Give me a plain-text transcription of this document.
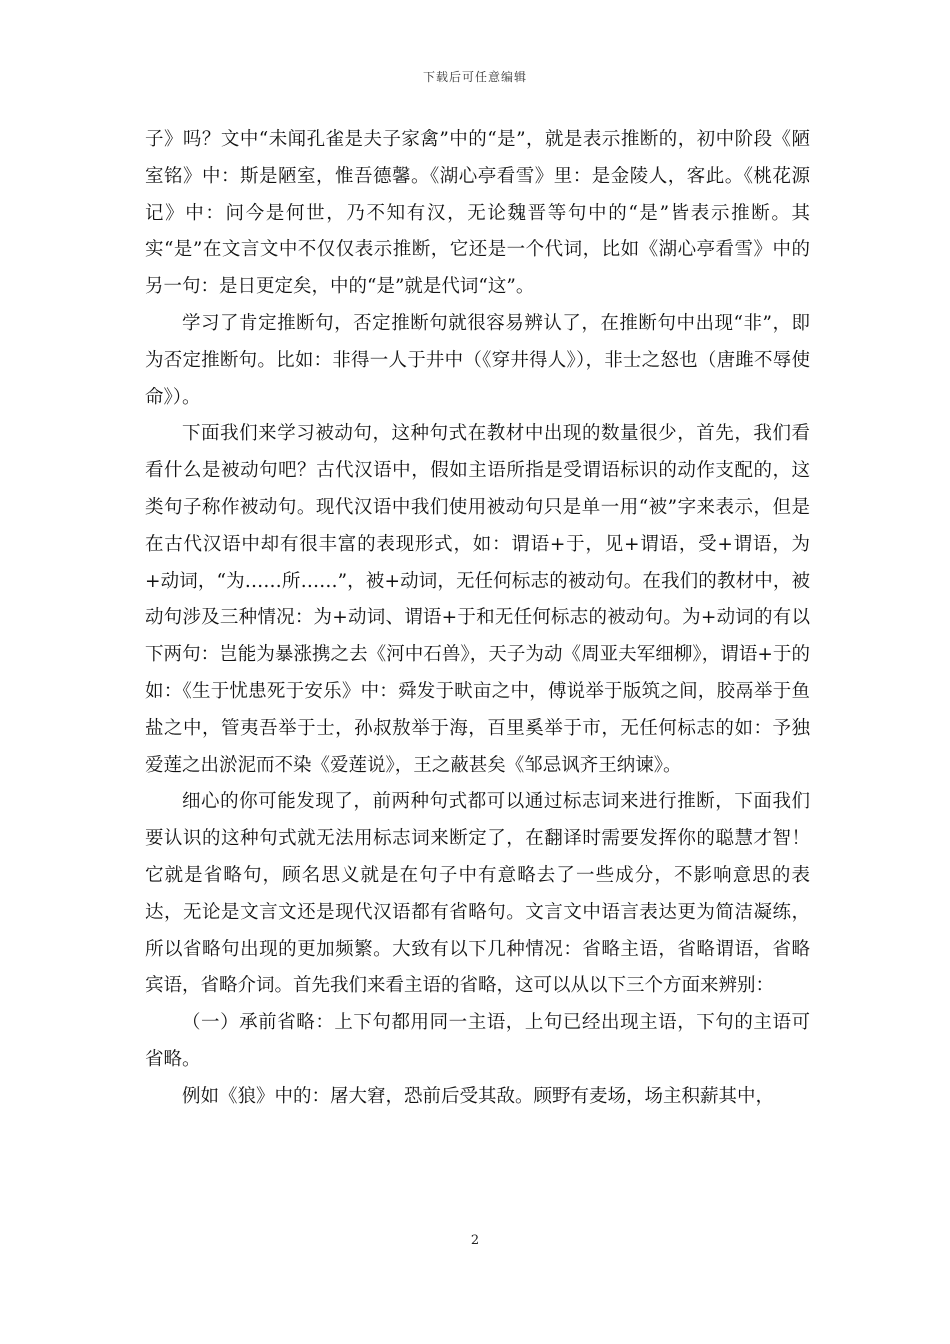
下载后可任意编辑

子》吗？文中“未闻孔雀是夫子家禽”中的“是”，就是表示推断的，初中阶段《陋室铭》中：斯是陋室，惟吾德馨。《湖心亭看雪》里：是金陵人，客此。《桃花源记》中：问今是何世，乃不知有汉，无论魏晋等句中的“是”皆表示推断。其实“是”在文言文中不仅仅表示推断，它还是一个代词，比如《湖心亭看雪》中的另一句：是日更定矣，中的“是”就是代词“这”。

学习了肯定推断句，否定推断句就很容易辨认了，在推断句中出现“非”，即为否定推断句。比如：非得一人于井中（《穿井得人》），非士之怒也（唐雎不辱使命》）。

下面我们来学习被动句，这种句式在教材中出现的数量很少，首先，我们看看什么是被动句吧？古代汉语中，假如主语所指是受谓语标识的动作支配的，这类句子称作被动句。现代汉语中我们使用被动句只是单一用“被”字来表示，但是在古代汉语中却有很丰富的表现形式，如：谓语+于，见+谓语，受+谓语，为+动词，“为……所……”，被+动词，无任何标志的被动句。在我们的教材中，被动句涉及三种情况：为+动词、谓语+于和无任何标志的被动句。为+动词的有以下两句：岂能为暴涨携之去《河中石兽》，天子为动《周亚夫军细柳》，谓语+于的如：《生于忧患死于安乐》中：舜发于畎亩之中，傅说举于版筑之间，胶鬲举于鱼盐之中，管夷吾举于士，孙叔敖举于海，百里奚举于市，无任何标志的如：予独爱莲之出淤泥而不染《爱莲说》，王之蔽甚矣《邹忌讽齐王纳谏》。

细心的你可能发现了，前两种句式都可以通过标志词来进行推断，下面我们要认识的这种句式就无法用标志词来断定了，在翻译时需要发挥你的聪慧才智！它就是省略句，顾名思义就是在句子中有意略去了一些成分，不影响意思的表达，无论是文言文还是现代汉语都有省略句。文言文中语言表达更为简洁凝练，所以省略句出现的更加频繁。大致有以下几种情况：省略主语，省略谓语，省略宾语，省略介词。首先我们来看主语的省略，这可以从以下三个方面来辨别：

（一）承前省略：上下句都用同一主语，上句已经出现主语，下句的主语可省略。

例如《狼》中的：屠大窘，恐前后受其敌。顾野有麦场，场主积薪其中，

2
